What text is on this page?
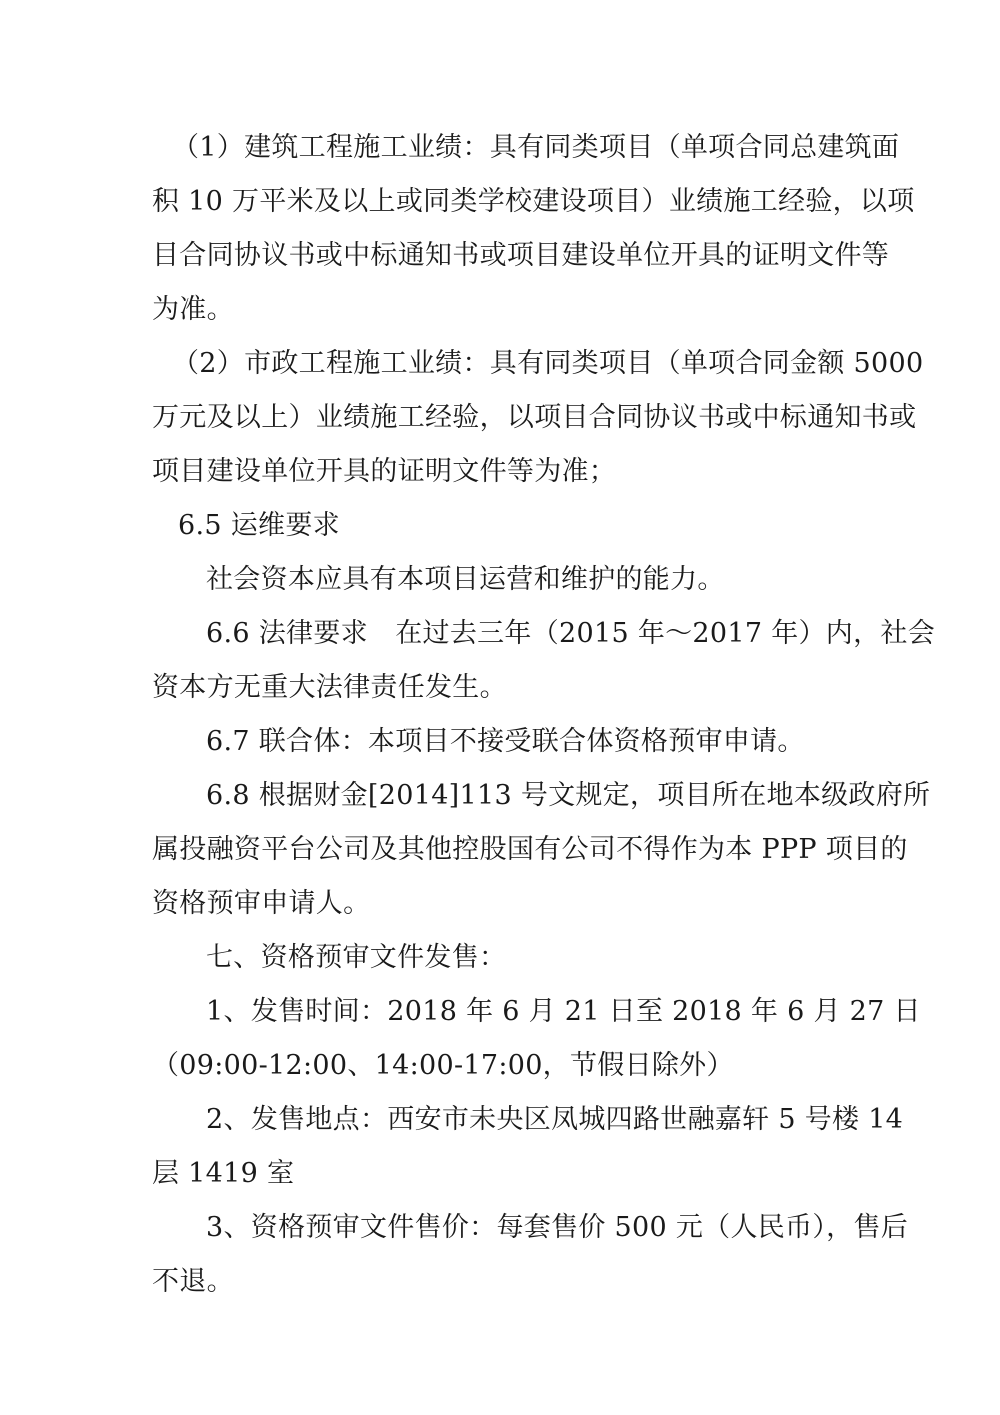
（1）建筑工程施工业绩：具有同类项目（单项合同总建筑面

积 10 万平米及以上或同类学校建设项目）业绩施工经验，以项

目合同协议书或中标通知书或项目建设单位开具的证明文件等

为准。

（2）市政工程施工业绩：具有同类项目（单项合同金额 5000

万元及以上）业绩施工经验，以项目合同协议书或中标通知书或

项目建设单位开具的证明文件等为准；

6.5 运维要求

社会资本应具有本项目运营和维护的能力。

6.6 法律要求　在过去三年（2015 年～2017 年）内，社会

资本方无重大法律责任发生。

6.7 联合体：本项目不接受联合体资格预审申请。

6.8 根据财金[2014]113 号文规定，项目所在地本级政府所

属投融资平台公司及其他控股国有公司不得作为本 PPP 项目的

资格预审申请人。

七、资格预审文件发售：

1、发售时间：2018 年 6 月 21 日至 2018 年 6 月 27 日

（09:00-12:00、14:00-17:00，节假日除外）

2、发售地点：西安市未央区凤城四路世融嘉轩 5 号楼 14

层 1419 室

3、资格预审文件售价：每套售价 500 元（人民币），售后

不退。
